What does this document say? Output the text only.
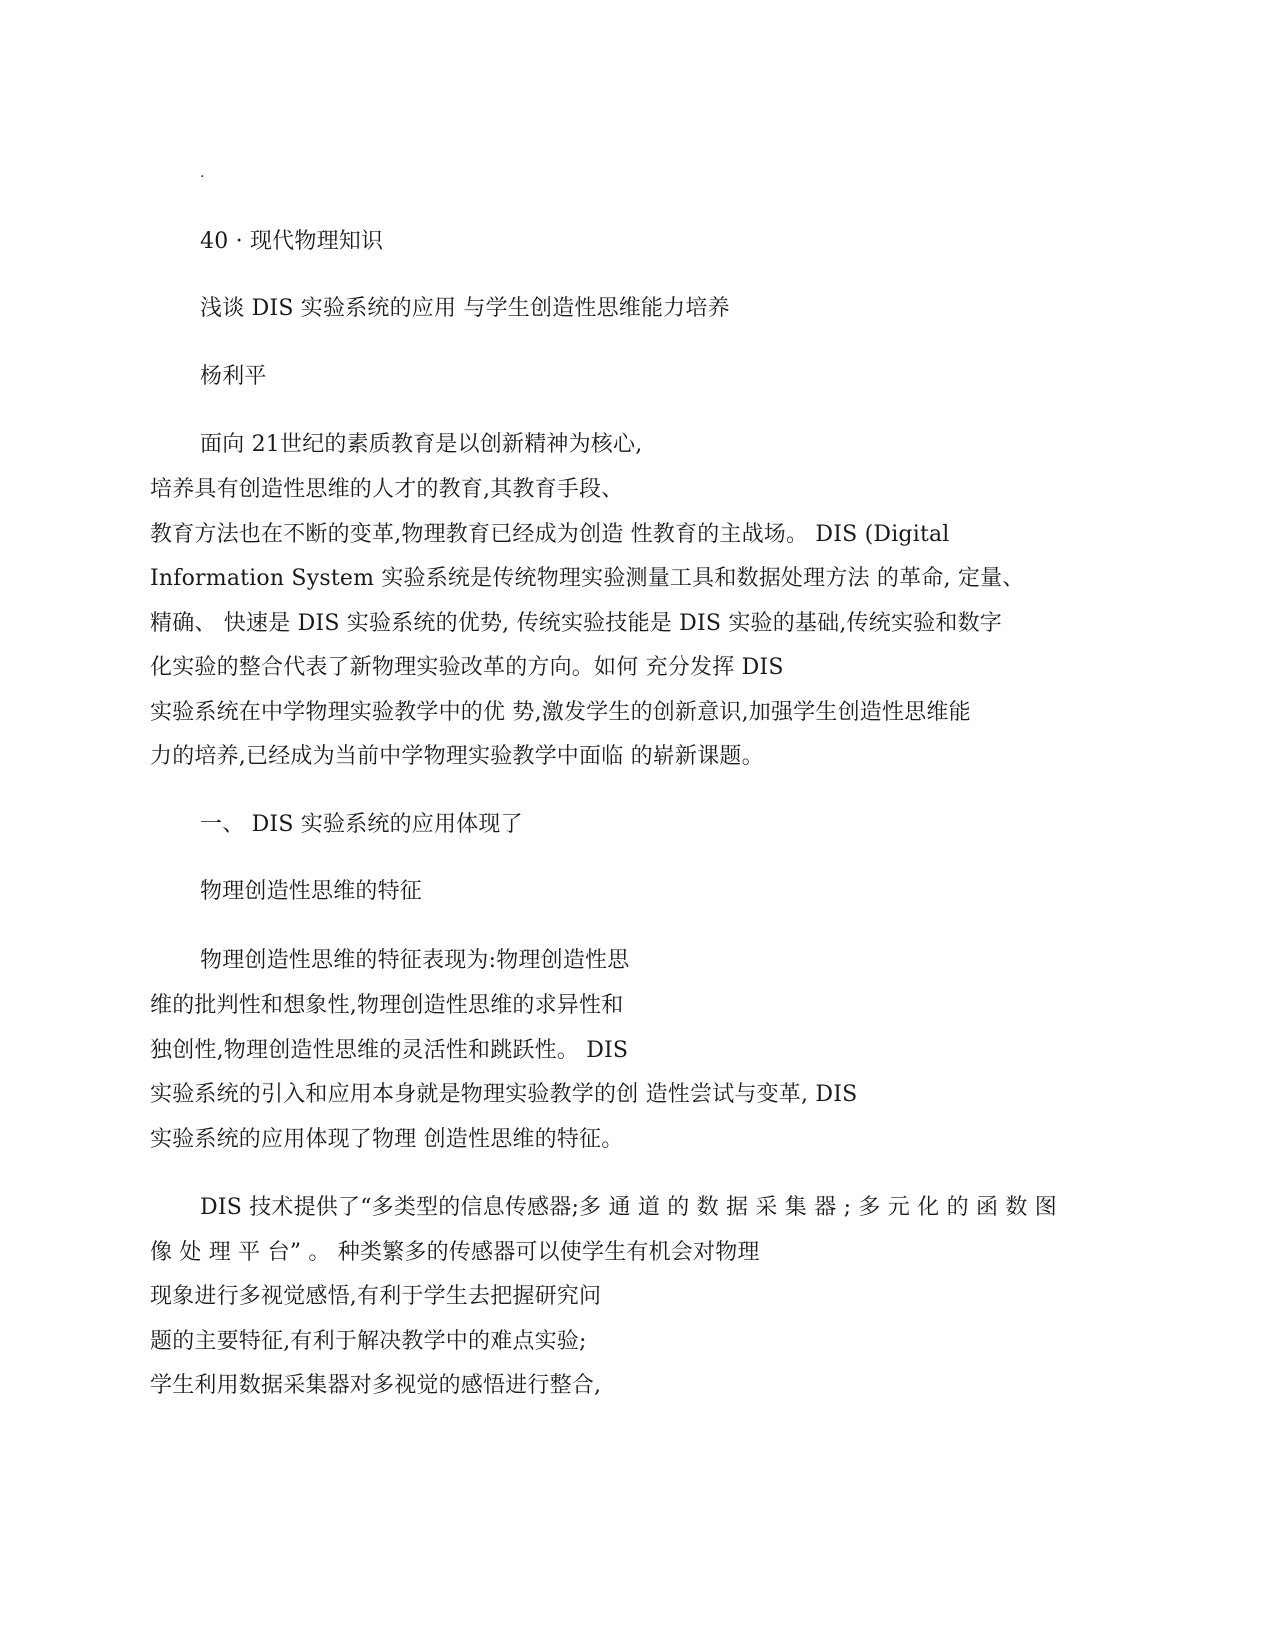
.
40 · 现代物理知识
浅谈 DIS 实验系统的应用 与学生创造性思维能力培养
杨利平
面向 21世纪的素质教育是以创新精神为核心,
培养具有创造性思维的人才的教育,其教育手段、
教育方法也在不断的变革,物理教育已经成为创造 性教育的主战场。 DIS (Digital
Information System 实验系统是传统物理实验测量工具和数据处理方法 的革命, 定量、
精确、 快速是 DIS 实验系统的优势, 传统实验技能是 DIS 实验的基础,传统实验和数字
化实验的整合代表了新物理实验改革的方向。如何 充分发挥 DIS
实验系统在中学物理实验教学中的优 势,激发学生的创新意识,加强学生创造性思维能
力的培养,已经成为当前中学物理实验教学中面临 的崭新课题。
一、 DIS 实验系统的应用体现了
物理创造性思维的特征
物理创造性思维的特征表现为:物理创造性思
维的批判性和想象性,物理创造性思维的求异性和
独创性,物理创造性思维的灵活性和跳跃性。 DIS
实验系统的引入和应用本身就是物理实验教学的创 造性尝试与变革, DIS
实验系统的应用体现了物理 创造性思维的特征。
DIS 技术提供了“多类型的信息传感器;多 通 道 的 数 据 采 集 器 ; 多 元 化 的 函 数 图
像 处 理 平 台” 。 种类繁多的传感器可以使学生有机会对物理
现象进行多视觉感悟,有利于学生去把握研究问
题的主要特征,有利于解决教学中的难点实验;
学生利用数据采集器对多视觉的感悟进行整合,
